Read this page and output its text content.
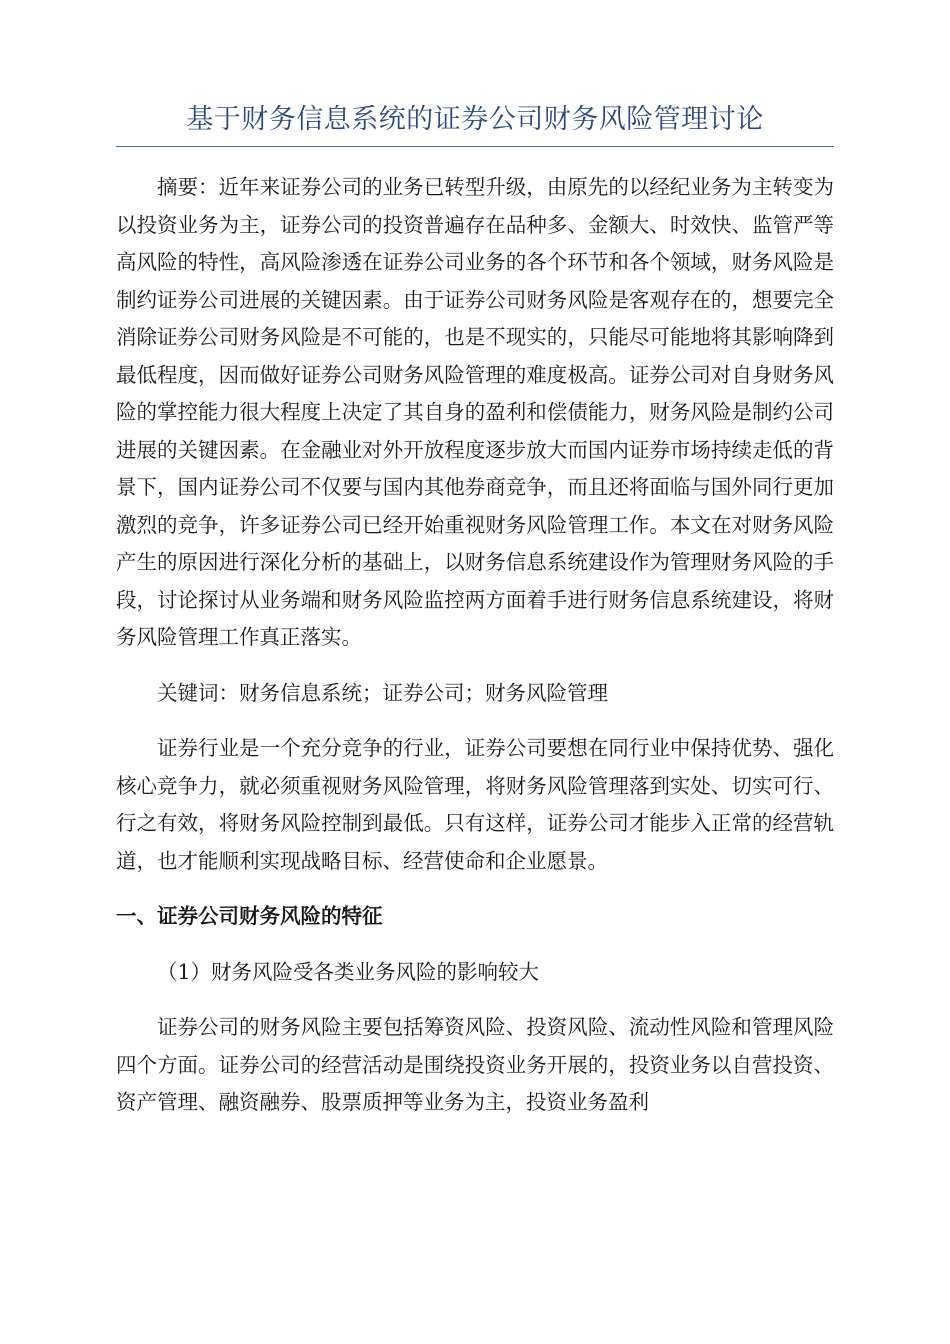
基于财务信息系统的证券公司财务风险管理讨论

摘要：近年来证券公司的业务已转型升级，由原先的以经纪业务为主转变为以投资业务为主，证券公司的投资普遍存在品种多、金额大、时效快、监管严等高风险的特性，高风险渗透在证券公司业务的各个环节和各个领域，财务风险是制约证券公司进展的关键因素。由于证券公司财务风险是客观存在的，想要完全消除证券公司财务风险是不可能的，也是不现实的，只能尽可能地将其影响降到最低程度，因而做好证券公司财务风险管理的难度极高。证券公司对自身财务风险的掌控能力很大程度上决定了其自身的盈利和偿债能力，财务风险是制约公司进展的关键因素。在金融业对外开放程度逐步放大而国内证券市场持续走低的背景下，国内证券公司不仅要与国内其他券商竞争，而且还将面临与国外同行更加激烈的竞争，许多证券公司已经开始重视财务风险管理工作。本文在对财务风险产生的原因进行深化分析的基础上，以财务信息系统建设作为管理财务风险的手段，讨论探讨从业务端和财务风险监控两方面着手进行财务信息系统建设，将财务风险管理工作真正落实。

关键词：财务信息系统；证券公司；财务风险管理

证券行业是一个充分竞争的行业，证券公司要想在同行业中保持优势、强化核心竞争力，就必须重视财务风险管理，将财务风险管理落到实处、切实可行、行之有效，将财务风险控制到最低。只有这样，证券公司才能步入正常的经营轨道，也才能顺利实现战略目标、经营使命和企业愿景。

一、证券公司财务风险的特征

（1）财务风险受各类业务风险的影响较大

证券公司的财务风险主要包括筹资风险、投资风险、流动性风险和管理风险四个方面。证券公司的经营活动是围绕投资业务开展的，投资业务以自营投资、资产管理、融资融券、股票质押等业务为主，投资业务盈利
